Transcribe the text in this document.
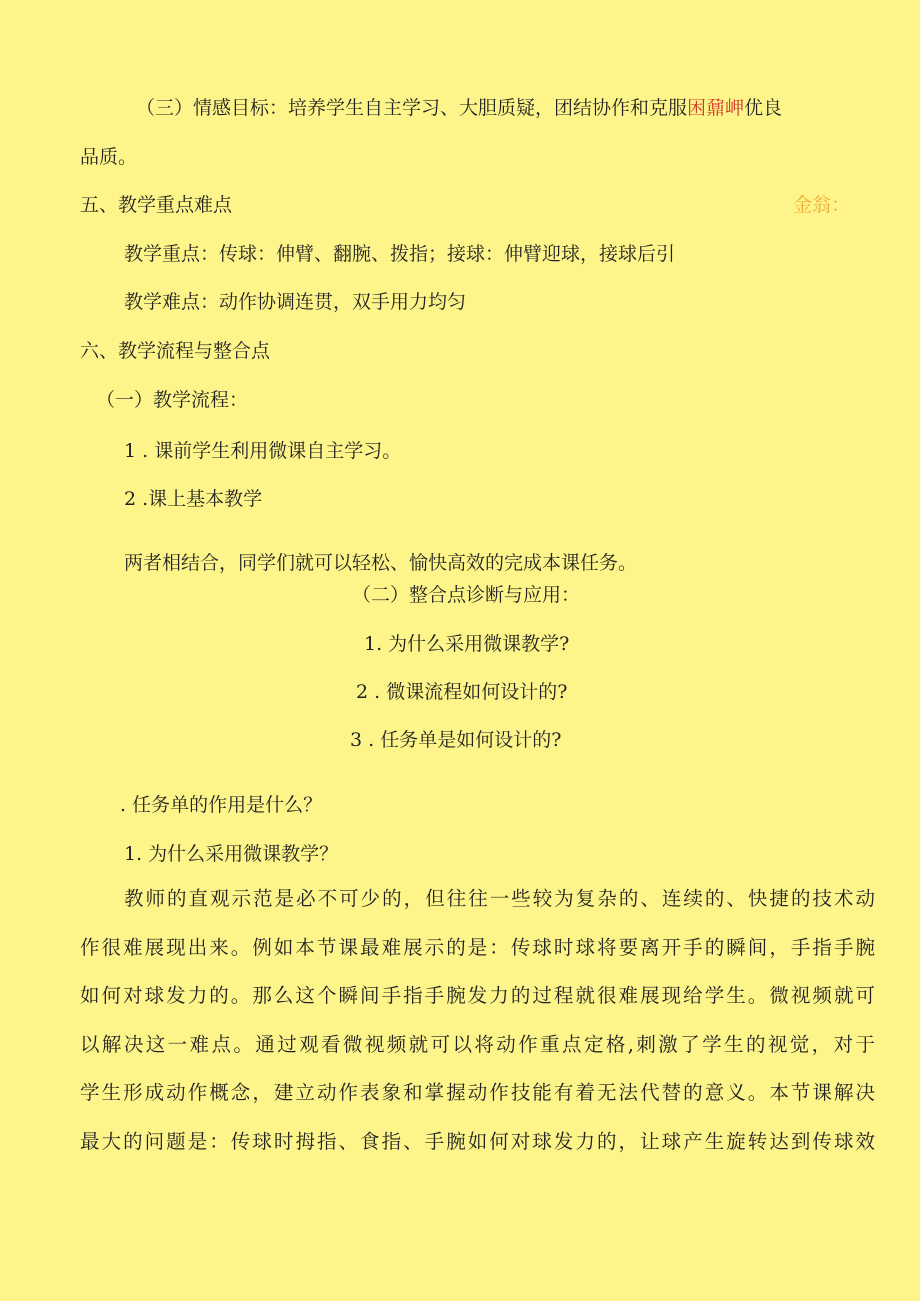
（三）情感目标：培养学生自主学习、大胆质疑，团结协作和克服困鼐岬优良
品质。
五、教学重点难点	金翁：
教学重点：传球：伸臂、翻腕、拨指；接球：伸臂迎球，接球后引
教学难点：动作协调连贯，双手用力均匀
六、教学流程与整合点
（一）教学流程：
1 . 课前学生利用微课自主学习。
2 .课上基本教学
两者相结合，同学们就可以轻松、愉快高效的完成本课任务。
（二）整合点诊断与应用：
1. 为什么采用微课教学?
2 . 微课流程如何设计的?
3 . 任务单是如何设计的?
. 任务单的作用是什么？
1. 为什么采用微课教学？
教师的直观示范是必不可少的，但往往一些较为复杂的、连续的、快捷的技术动
作很难展现出来。例如本节课最难展示的是：传球时球将要离开手的瞬间，手指手腕
如何对球发力的。那么这个瞬间手指手腕发力的过程就很难展现给学生。微视频就可
以解决这一难点。通过观看微视频就可以将动作重点定格,刺激了学生的视觉，对于
学生形成动作概念，建立动作表象和掌握动作技能有着无法代替的意义。本节课解决
最大的问题是：传球时拇指、食指、手腕如何对球发力的，让球产生旋转达到传球效
